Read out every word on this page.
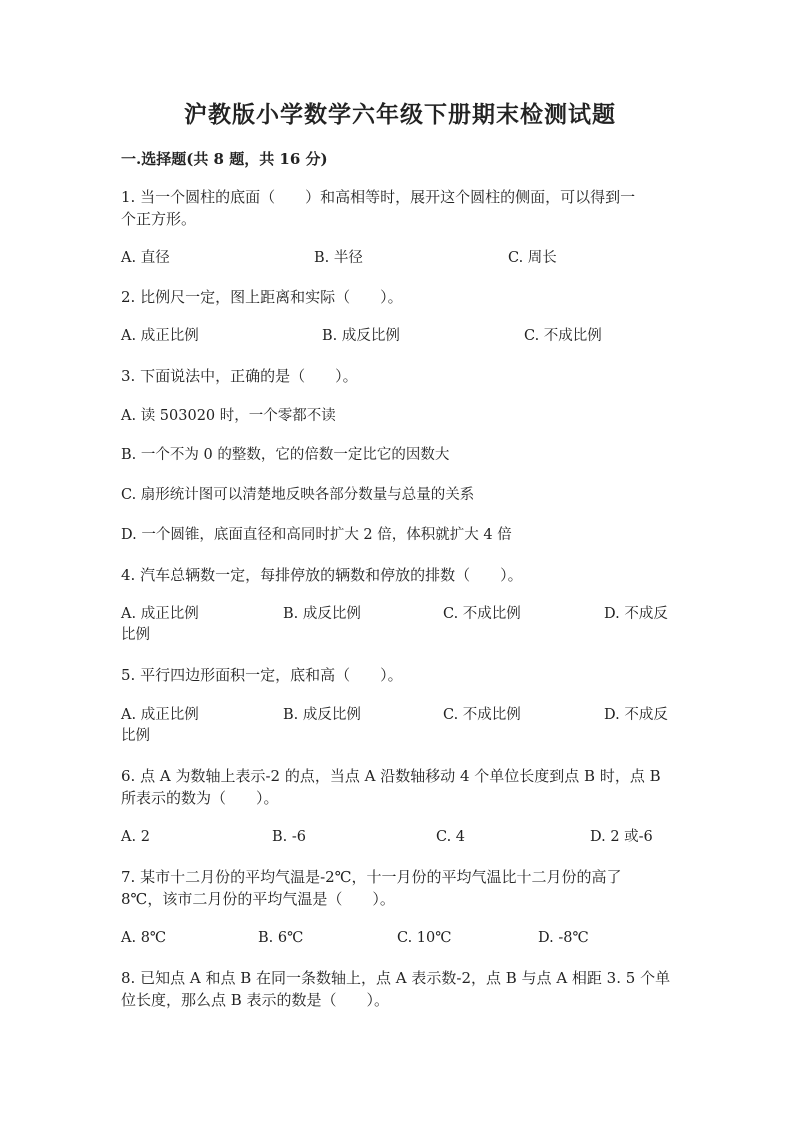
沪教版小学数学六年级下册期末检测试题
一.选择题(共 8 题，共 16 分)
1. 当一个圆柱的底面（　　）和高相等时，展开这个圆柱的侧面，可以得到一
个正方形。
A. 直径	B. 半径	C. 周长
2. 比例尺一定，图上距离和实际（　　）。
A. 成正比例	B. 成反比例	C. 不成比例
3. 下面说法中，正确的是（　　）。
A. 读 503020 时，一个零都不读
B. 一个不为 0 的整数，它的倍数一定比它的因数大
C. 扇形统计图可以清楚地反映各部分数量与总量的关系
D. 一个圆锥，底面直径和高同时扩大 2 倍，体积就扩大 4 倍
4. 汽车总辆数一定，每排停放的辆数和停放的排数（　　）。
A. 成正比例	B. 成反比例	C. 不成比例	D. 不成反
比例
5. 平行四边形面积一定，底和高（　　）。
A. 成正比例	B. 成反比例	C. 不成比例	D. 不成反
比例
6. 点 A 为数轴上表示-2 的点，当点 A 沿数轴移动 4 个单位长度到点 B 时，点 B
所表示的数为（　　）。
A. 2	B. -6	C. 4	D. 2 或-6
7. 某市十二月份的平均气温是-2℃，十一月份的平均气温比十二月份的高了
8℃，该市二月份的平均气温是（　　）。
A. 8℃	B. 6℃	C. 10℃	D. -8℃
8. 已知点 A 和点 B 在同一条数轴上，点 A 表示数-2，点 B 与点 A 相距 3. 5 个单
位长度，那么点 B 表示的数是（　　）。
